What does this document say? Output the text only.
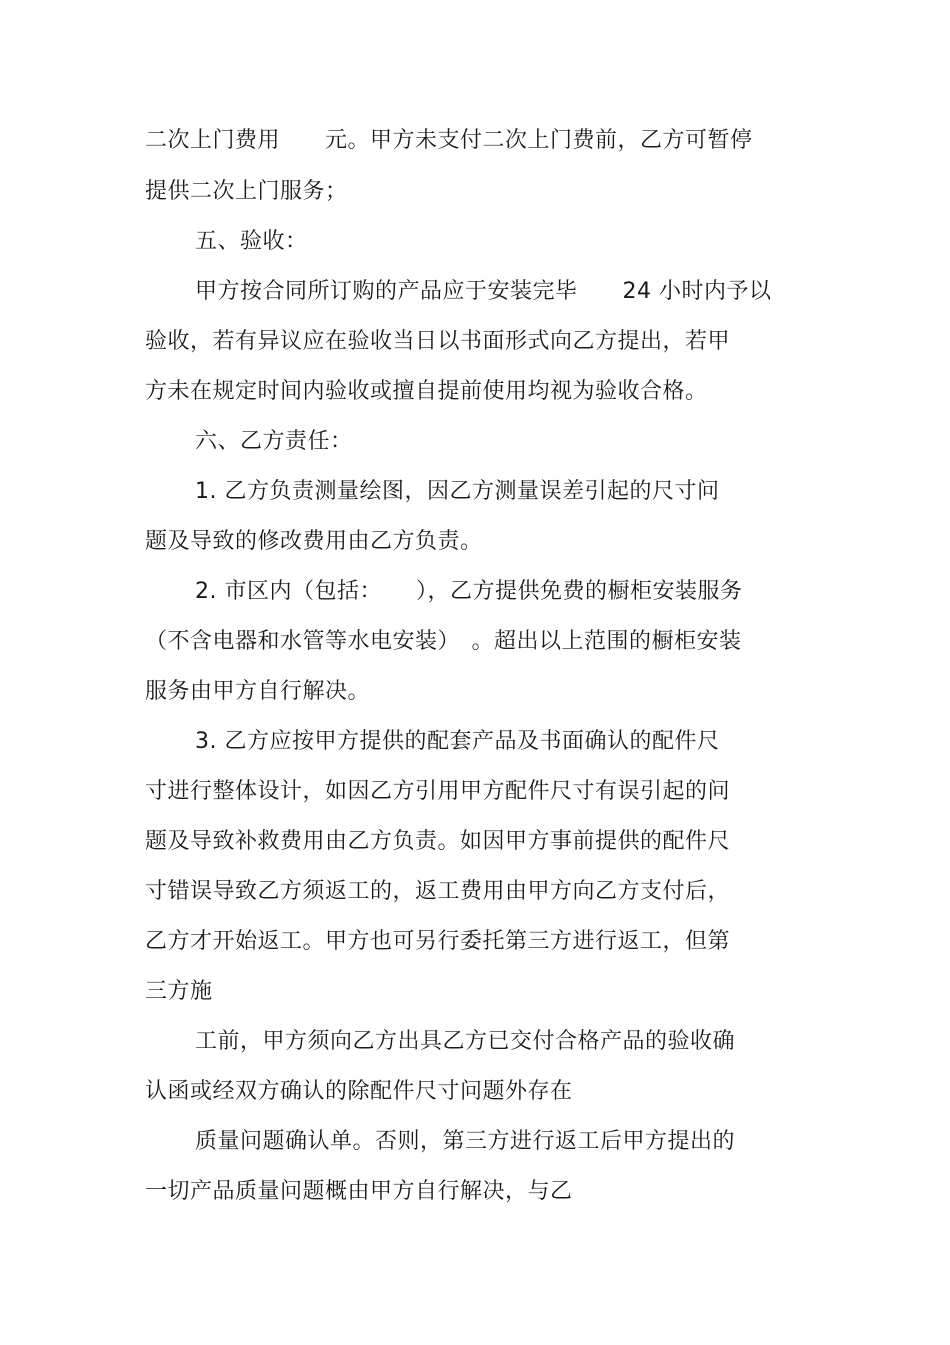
二次上门费用　　元。甲方未支付二次上门费前，乙方可暂停
提供二次上门服务；
五、验收：
甲方按合同所订购的产品应于安装完毕　　24 小时内予以
验收，若有异议应在验收当日以书面形式向乙方提出，若甲
方未在规定时间内验收或擅自提前使用均视为验收合格。
六、乙方责任：
1. 乙方负责测量绘图，因乙方测量误差引起的尺寸问
题及导致的修改费用由乙方负责。
2. 市区内（包括：　　），乙方提供免费的橱柜安装服务
（不含电器和水管等水电安装）　。超出以上范围的橱柜安装
服务由甲方自行解决。
3. 乙方应按甲方提供的配套产品及书面确认的配件尺
寸进行整体设计，如因乙方引用甲方配件尺寸有误引起的问
题及导致补救费用由乙方负责。如因甲方事前提供的配件尺
寸错误导致乙方须返工的，返工费用由甲方向乙方支付后，
乙方才开始返工。甲方也可另行委托第三方进行返工，但第
三方施
工前，甲方须向乙方出具乙方已交付合格产品的验收确
认函或经双方确认的除配件尺寸问题外存在
质量问题确认单。否则，第三方进行返工后甲方提出的
一切产品质量问题概由甲方自行解决，与乙
